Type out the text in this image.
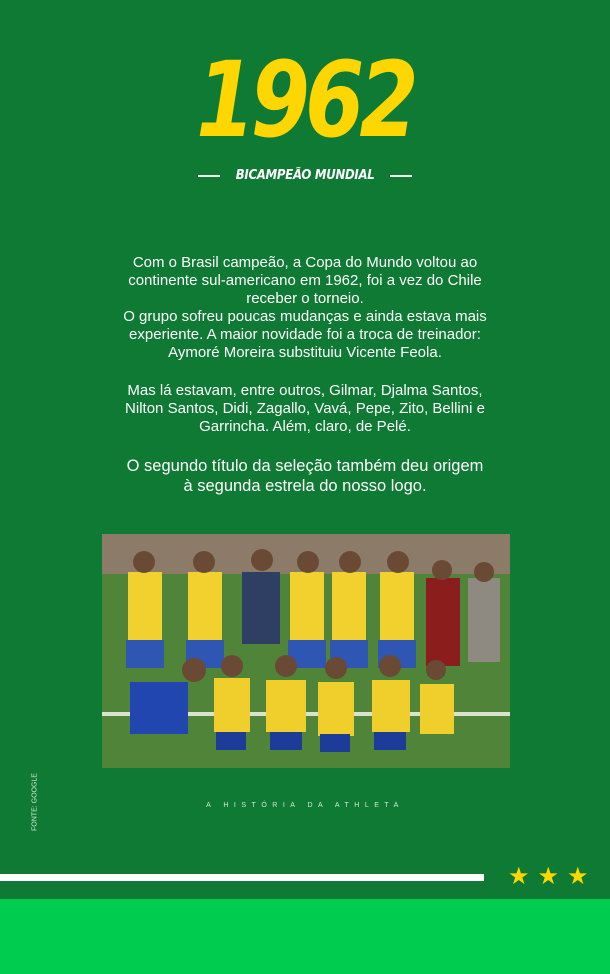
1962
BICAMPEÃO MUNDIAL

Com o Brasil campeão, a Copa do Mundo voltou ao

continente sul-americano em 1962, foi a vez do Chile

receber o torneio.

O grupo sofreu poucas mudanças e ainda estava mais

experiente. A maior novidade foi a troca de treinador:

Aymoré Moreira substituiu Vicente Feola.

Mas lá estavam, entre outros, Gilmar, Djalma Santos,

Nilton Santos, Didi, Zagallo, Vavá, Pepe, Zito, Bellini e

Garrincha. Além, claro, de Pelé.

O segundo título da seleção também deu origem

à segunda estrela do nosso logo.

A HISTÓRIA DA ATHLETA
FONTE: GOOGLE
★ ★ ★
